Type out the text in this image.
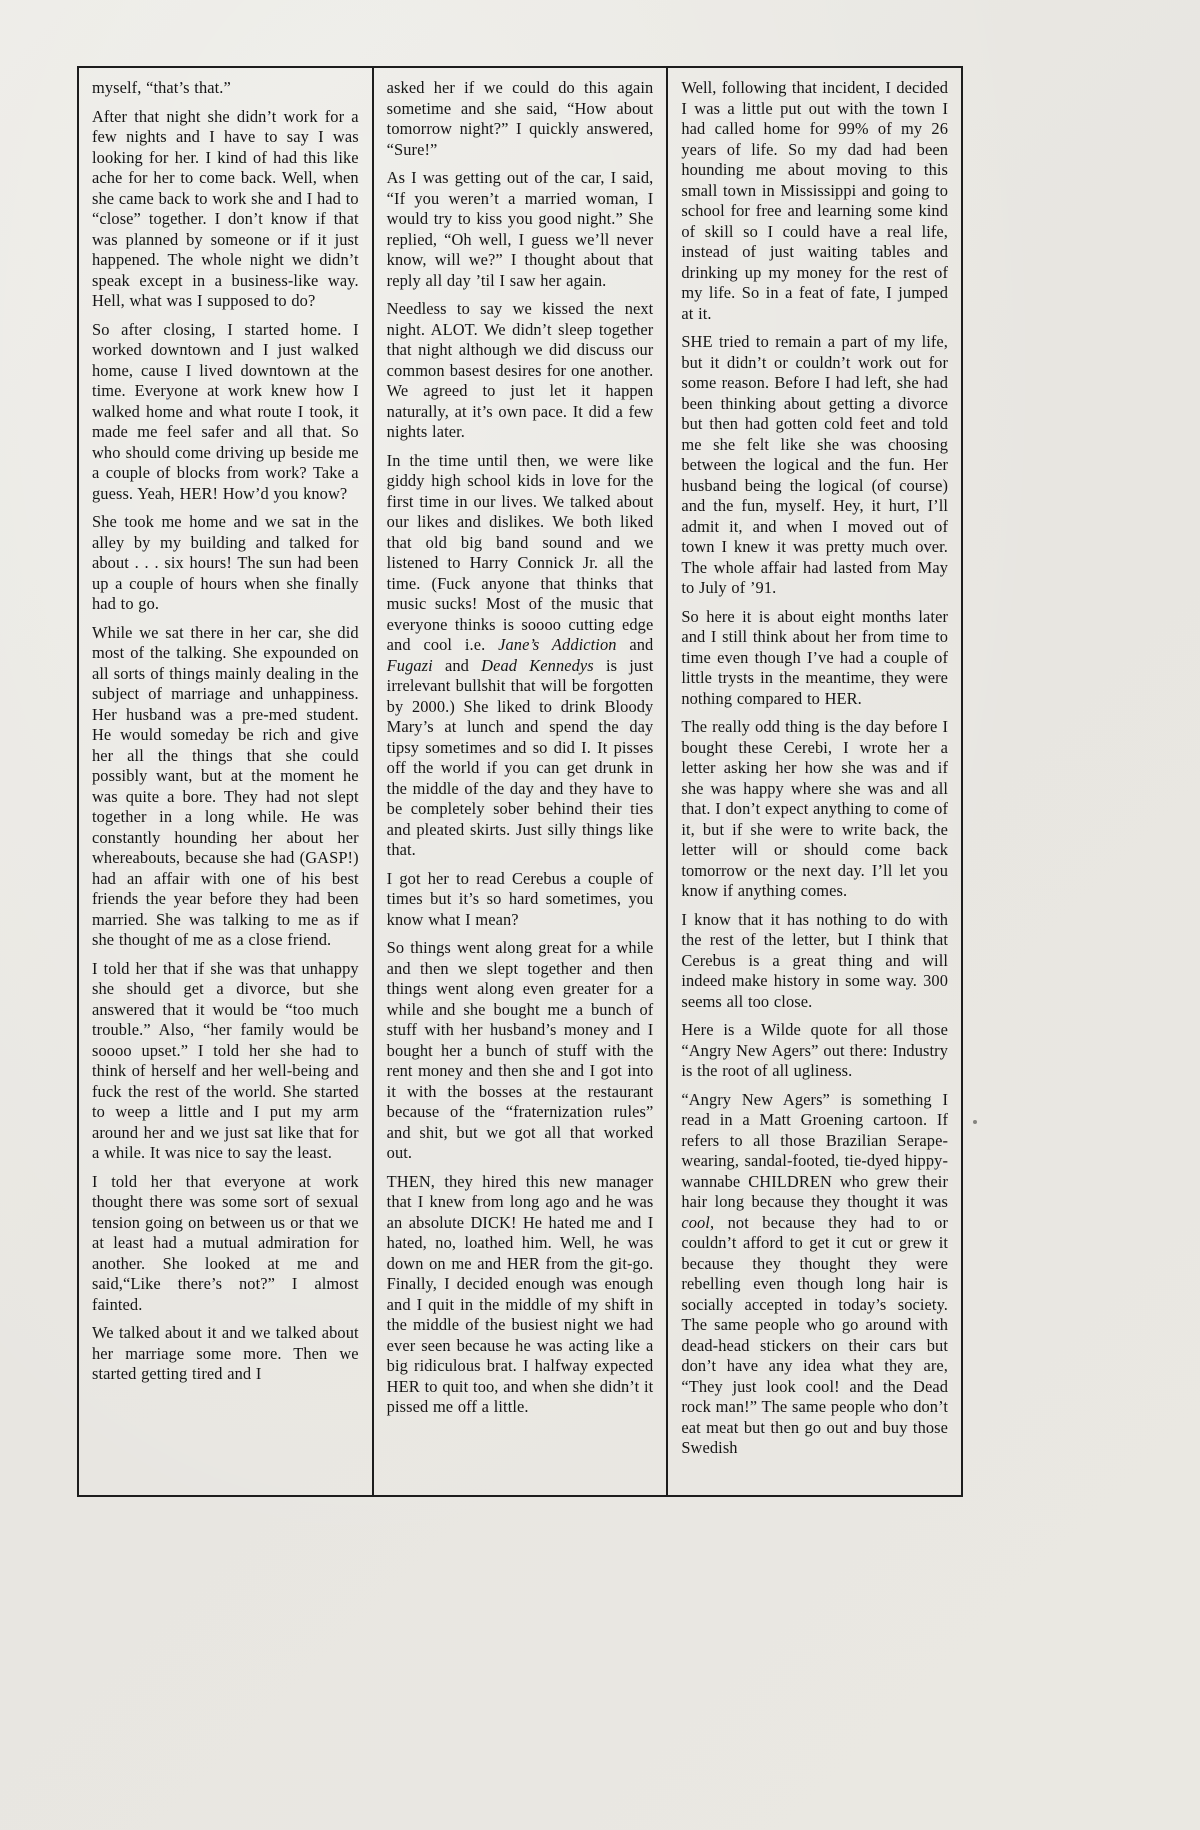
myself, “that’s that.”

After that night she didn’t work for a few nights and I have to say I was looking for her. I kind of had this like ache for her to come back. Well, when she came back to work she and I had to “close” together. I don’t know if that was planned by someone or if it just happened. The whole night we didn’t speak except in a business-like way. Hell, what was I supposed to do?

So after closing, I started home. I worked downtown and I just walked home, cause I lived downtown at the time. Everyone at work knew how I walked home and what route I took, it made me feel safer and all that. So who should come driving up beside me a couple of blocks from work? Take a guess. Yeah, HER! How’d you know?

She took me home and we sat in the alley by my building and talked for about . . . six hours! The sun had been up a couple of hours when she finally had to go.

While we sat there in her car, she did most of the talking. She expounded on all sorts of things mainly dealing in the subject of marriage and unhappiness. Her husband was a pre-med student. He would someday be rich and give her all the things that she could possibly want, but at the moment he was quite a bore. They had not slept together in a long while. He was constantly hounding her about her whereabouts, because she had (GASP!) had an affair with one of his best friends the year before they had been married. She was talking to me as if she thought of me as a close friend.

I told her that if she was that unhappy she should get a divorce, but she answered that it would be “too much trouble.” Also, “her family would be soooo upset.” I told her she had to think of herself and her well-being and fuck the rest of the world. She started to weep a little and I put my arm around her and we just sat like that for a while. It was nice to say the least.

I told her that everyone at work thought there was some sort of sexual tension going on between us or that we at least had a mutual admiration for another. She looked at me and said,“Like there’s not?” I almost fainted.

We talked about it and we talked about her marriage some more. Then we started getting tired and I

asked her if we could do this again sometime and she said, “How about tomorrow night?” I quickly answered, “Sure!”

As I was getting out of the car, I said, “If you weren’t a married woman, I would try to kiss you good night.” She replied, “Oh well, I guess we’ll never know, will we?” I thought about that reply all day ’til I saw her again.

Needless to say we kissed the next night. ALOT. We didn’t sleep together that night although we did discuss our common basest desires for one another. We agreed to just let it happen naturally, at it’s own pace. It did a few nights later.

In the time until then, we were like giddy high school kids in love for the first time in our lives. We talked about our likes and dislikes. We both liked that old big band sound and we listened to Harry Connick Jr. all the time. (Fuck anyone that thinks that music sucks! Most of the music that everyone thinks is soooo cutting edge and cool i.e. Jane’s Addiction and Fugazi and Dead Kennedys is just irrelevant bullshit that will be forgotten by 2000.) She liked to drink Bloody Mary’s at lunch and spend the day tipsy sometimes and so did I. It pisses off the world if you can get drunk in the middle of the day and they have to be completely sober behind their ties and pleated skirts. Just silly things like that.

I got her to read Cerebus a couple of times but it’s so hard sometimes, you know what I mean?

So things went along great for a while and then we slept together and then things went along even greater for a while and she bought me a bunch of stuff with her husband’s money and I bought her a bunch of stuff with the rent money and then she and I got into it with the bosses at the restaurant because of the “fraternization rules” and shit, but we got all that worked out.

THEN, they hired this new manager that I knew from long ago and he was an absolute DICK! He hated me and I hated, no, loathed him. Well, he was down on me and HER from the git-go. Finally, I decided enough was enough and I quit in the middle of my shift in the middle of the busiest night we had ever seen because he was acting like a big ridiculous brat. I halfway expected HER to quit too, and when she didn’t it pissed me off a little.

Well, following that incident, I decided I was a little put out with the town I had called home for 99% of my 26 years of life. So my dad had been hounding me about moving to this small town in Mississippi and going to school for free and learning some kind of skill so I could have a real life, instead of just waiting tables and drinking up my money for the rest of my life. So in a feat of fate, I jumped at it.

SHE tried to remain a part of my life, but it didn’t or couldn’t work out for some reason. Before I had left, she had been thinking about getting a divorce but then had gotten cold feet and told me she felt like she was choosing between the logical and the fun. Her husband being the logical (of course) and the fun, myself. Hey, it hurt, I’ll admit it, and when I moved out of town I knew it was pretty much over. The whole affair had lasted from May to July of ’91.

So here it is about eight months later and I still think about her from time to time even though I’ve had a couple of little trysts in the meantime, they were nothing compared to HER.

The really odd thing is the day before I bought these Cerebi, I wrote her a letter asking her how she was and if she was happy where she was and all that. I don’t expect anything to come of it, but if she were to write back, the letter will or should come back tomorrow or the next day. I’ll let you know if anything comes.

I know that it has nothing to do with the rest of the letter, but I think that Cerebus is a great thing and will indeed make history in some way. 300 seems all too close.

Here is a Wilde quote for all those “Angry New Agers” out there: Industry is the root of all ugliness.

“Angry New Agers” is something I read in a Matt Groening cartoon. If refers to all those Brazilian Serape-wearing, sandal-footed, tie-dyed hippy-wannabe CHILDREN who grew their hair long because they thought it was cool, not because they had to or couldn’t afford to get it cut or grew it because they thought they were rebelling even though long hair is socially accepted in today’s society. The same people who go around with dead-head stickers on their cars but don’t have any idea what they are, “They just look cool! and the Dead rock man!” The same people who don’t eat meat but then go out and buy those Swedish
